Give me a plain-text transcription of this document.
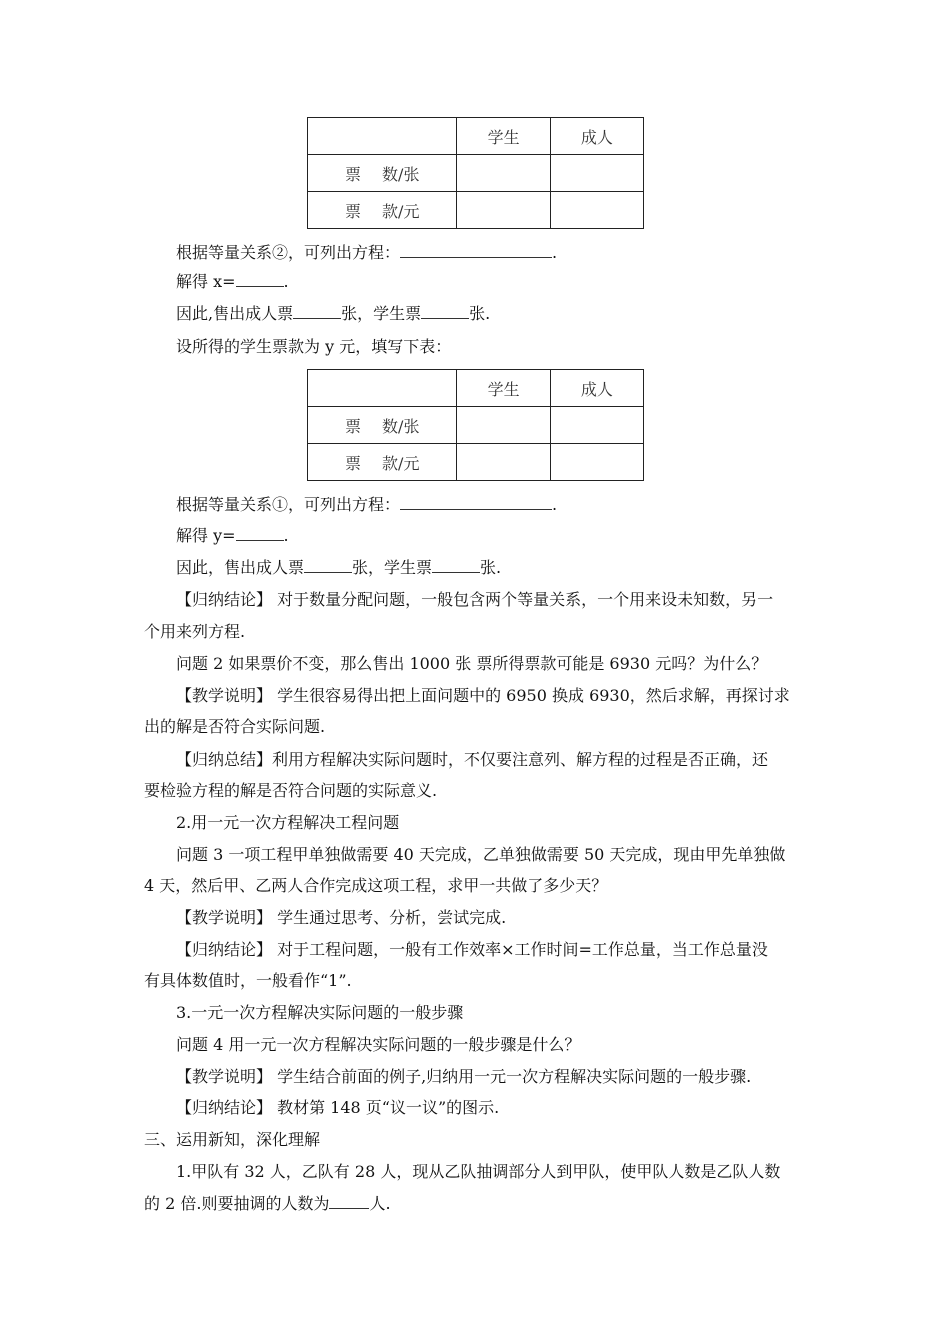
	学生	成人
票　 数/张		
票　 款/元		
根据等量关系②，可列出方程：	.
解得 x=	.
因此,售出成人票	张，学生票	张.
设所得的学生票款为 y 元，填写下表：
	学生	成人
票　 数/张		
票　 款/元		
根据等量关系①，可列出方程：	.
解得 y=	.
因此，售出成人票	张，学生票	张.
【归纳结论】 对于数量分配问题，一般包含两个等量关系，一个用来设未知数，另一
个用来列方程.
问题 2 如果票价不变，那么售出 1000 张 票所得票款可能是 6930 元吗？为什么？
【教学说明】 学生很容易得出把上面问题中的 6950 换成 6930，然后求解，再探讨求
出的解是否符合实际问题.
【归纳总结】利用方程解决实际问题时，不仅要注意列、解方程的过程是否正确，还
要检验方程的解是否符合问题的实际意义.
2.用一元一次方程解决工程问题
问题 3 一项工程甲单独做需要 40 天完成，乙单独做需要 50 天完成，现由甲先单独做
4 天，然后甲、乙两人合作完成这项工程，求甲一共做了多少天？
【教学说明】 学生通过思考、分析，尝试完成.
【归纳结论】 对于工程问题，一般有工作效率×工作时间=工作总量，当工作总量没
有具体数值时，一般看作“1”.
3.一元一次方程解决实际问题的一般步骤
问题 4 用一元一次方程解决实际问题的一般步骤是什么？
【教学说明】 学生结合前面的例子,归纳用一元一次方程解决实际问题的一般步骤.
【归纳结论】 教材第 148 页“议一议”的图示.
三、运用新知，深化理解
1.甲队有 32 人，乙队有 28 人，现从乙队抽调部分人到甲队，使甲队人数是乙队人数
的 2 倍.则要抽调的人数为	人.
